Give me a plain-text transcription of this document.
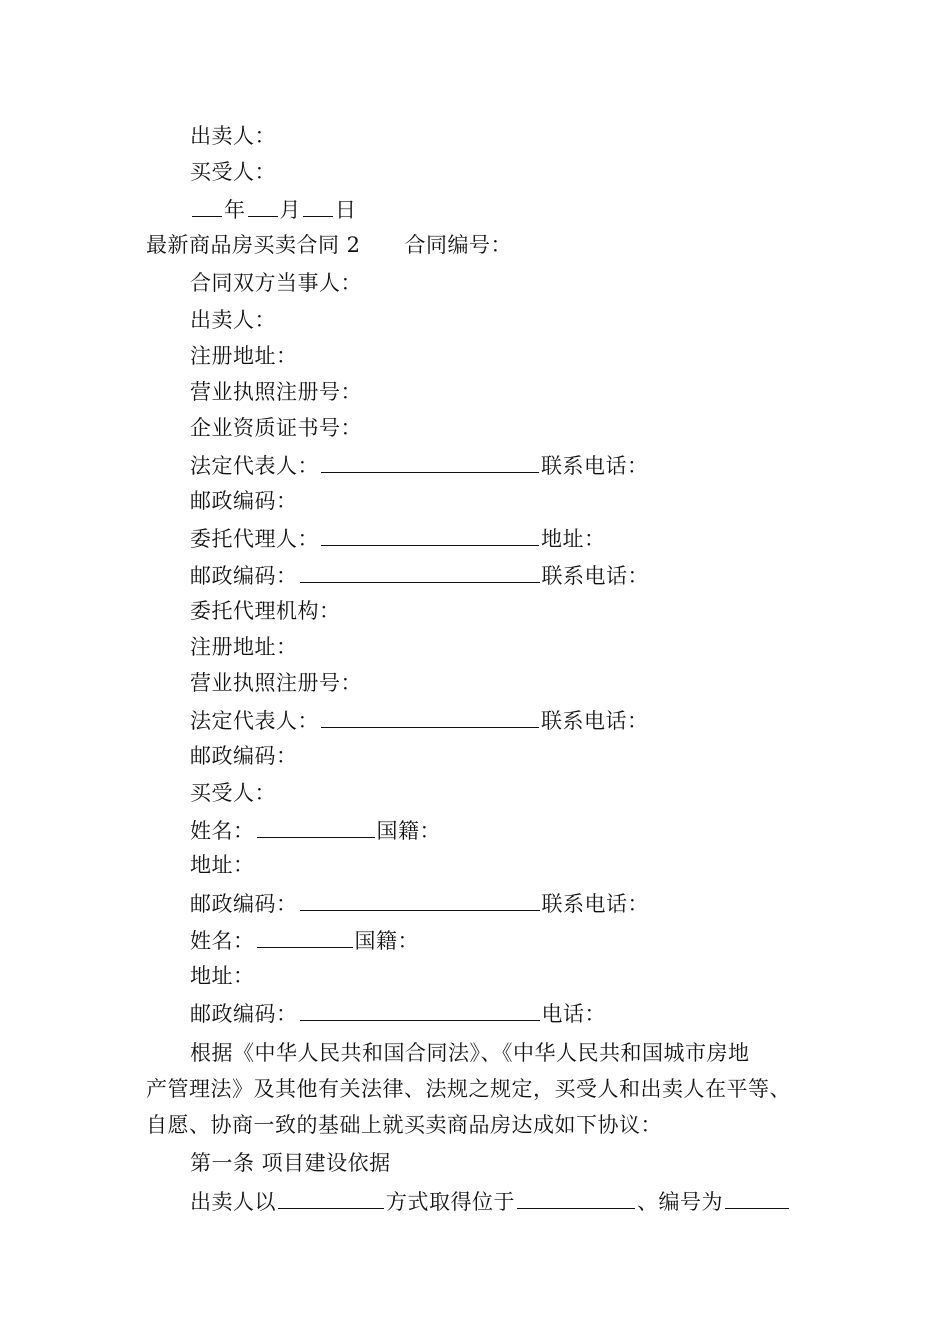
出卖人：
买受人：
年 月 日
最新商品房买卖合同 2 合同编号：
合同双方当事人：
出卖人：
注册地址：
营业执照注册号：
企业资质证书号：
法定代表人：	联系电话：
邮政编码：
委托代理人：	地址：
邮政编码：	联系电话：
委托代理机构：
注册地址：
营业执照注册号：
法定代表人：	联系电话：
邮政编码：
买受人：
姓名：	国籍：
地址：
邮政编码：	联系电话：
姓名：	国籍：
地址：
邮政编码：	电话：
根据《中华人民共和国合同法》、《中华人民共和国城市房地
产管理法》及其他有关法律、法规之规定，买受人和出卖人在平等、
自愿、协商一致的基础上就买卖商品房达成如下协议：
第一条 项目建设依据
出卖人以	方式取得位于	、编号为
